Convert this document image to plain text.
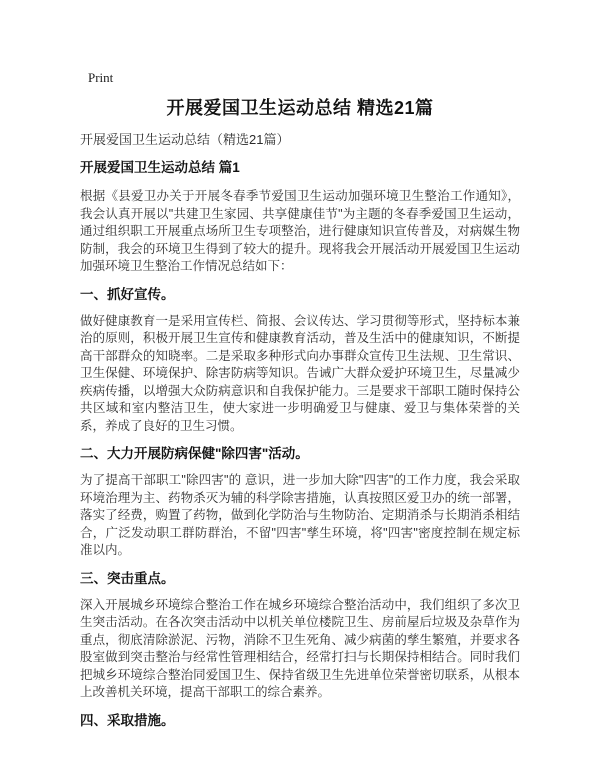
Print
开展爱国卫生运动总结 精选21篇
开展爱国卫生运动总结（精选21篇）
开展爱国卫生运动总结 篇1

根据《县爱卫办关于开展冬春季节爱国卫生运动加强环境卫生整治工作通知》，我会认真开展以"共建卫生家园、共享健康佳节"为主题的冬春季爱国卫生运动，通过组织职工开展重点场所卫生专项整治，进行健康知识宣传普及，对病媒生物防制，我会的环境卫生得到了较大的提升。现将我会开展活动开展爱国卫生运动加强环境卫生整治工作情况总结如下：

一、抓好宣传。

做好健康教育一是采用宣传栏、简报、会议传达、学习贯彻等形式，坚持标本兼治的原则，积极开展卫生宣传和健康教育活动，普及生活中的健康知识，不断提高干部群众的知晓率。二是采取多种形式向办事群众宣传卫生法规、卫生常识、卫生保健、环境保护、除害防病等知识。告诫广大群众爱护环境卫生，尽量减少疾病传播，以增强大众防病意识和自我保护能力。三是要求干部职工随时保持公共区域和室内整洁卫生，使大家进一步明确爱卫与健康、爱卫与集体荣誉的关系，养成了良好的卫生习惯。

二、大力开展防病保健"除四害"活动。

为了提高干部职工"除四害"的 意识，进一步加大除"四害"的工作力度，我会采取环境治理为主、药物杀灭为辅的科学除害措施，认真按照区爱卫办的统一部署，落实了经费，购置了药物，做到化学防治与生物防治、定期消杀与长期消杀相结合，广泛发动职工群防群治，不留"四害"孳生环境，将"四害"密度控制在规定标准以内。

三、突击重点。

深入开展城乡环境综合整治工作在城乡环境综合整治活动中，我们组织了多次卫生突击活动。在各次突击活动中以机关单位楼院卫生、房前屋后垃圾及杂草作为重点，彻底清除淤泥、污物，消除不卫生死角、减少病菌的孳生繁殖，并要求各股室做到突击整治与经常性管理相结合，经常打扫与长期保持相结合。同时我们把城乡环境综合整治同爱国卫生、保持省级卫生先进单位荣誉密切联系，从根本上改善机关环境，提高干部职工的综合素养。

四、采取措施。
